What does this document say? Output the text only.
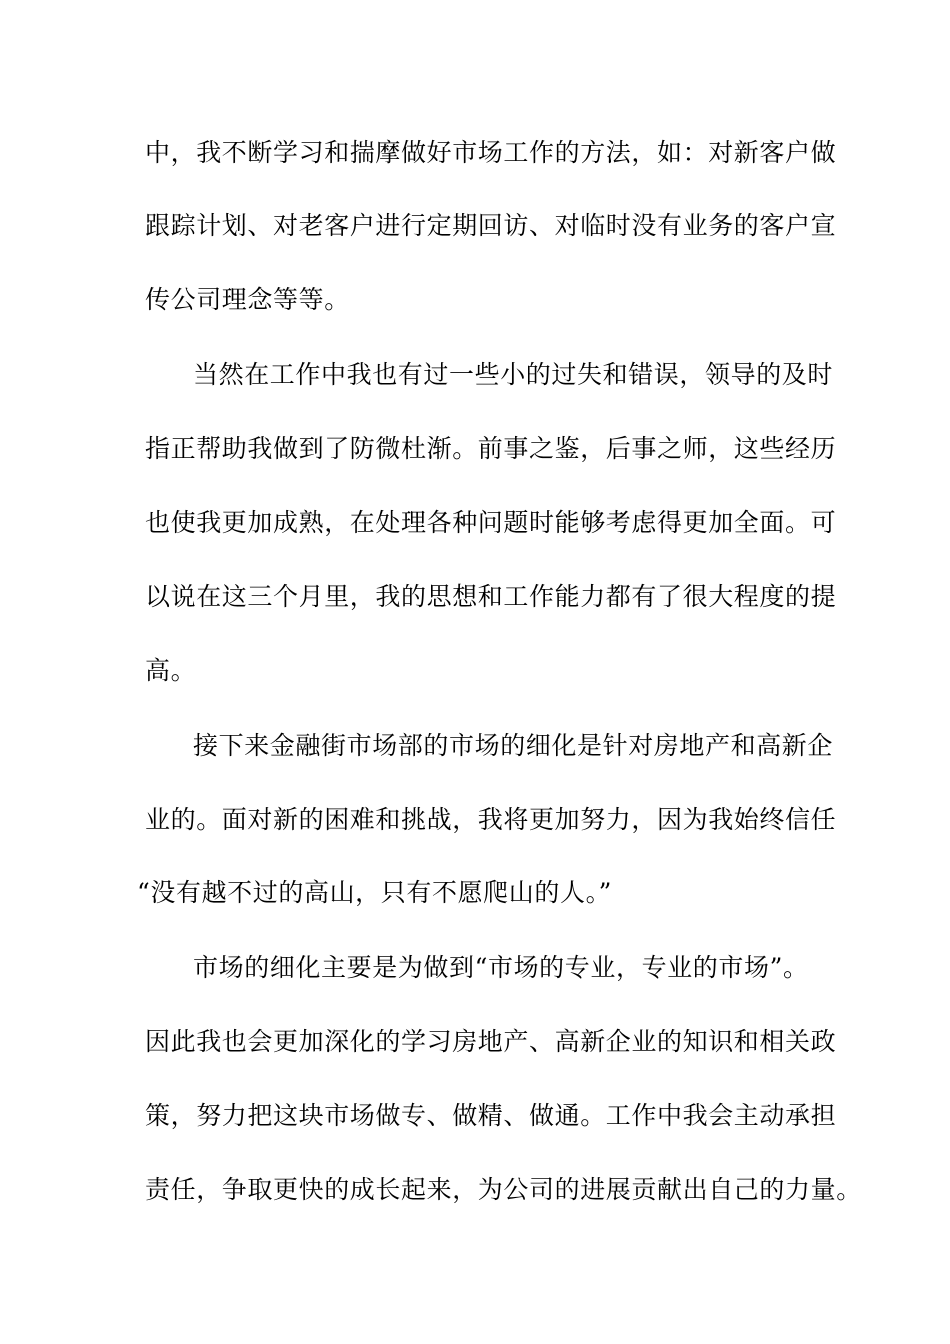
中，我不断学习和揣摩做好市场工作的方法，如：对新客户做
跟踪计划、对老客户进行定期回访、对临时没有业务的客户宣
传公司理念等等。
当然在工作中我也有过一些小的过失和错误，领导的及时
指正帮助我做到了防微杜渐。前事之鉴，后事之师，这些经历
也使我更加成熟，在处理各种问题时能够考虑得更加全面。可
以说在这三个月里，我的思想和工作能力都有了很大程度的提
高。
接下来金融街市场部的市场的细化是针对房地产和高新企
业的。面对新的困难和挑战，我将更加努力，因为我始终信任
“没有越不过的高山，只有不愿爬山的人。”
市场的细化主要是为做到“市场的专业，专业的市场”。
因此我也会更加深化的学习房地产、高新企业的知识和相关政
策，努力把这块市场做专、做精、做通。工作中我会主动承担
责任，争取更快的成长起来，为公司的进展贡献出自己的力量。
